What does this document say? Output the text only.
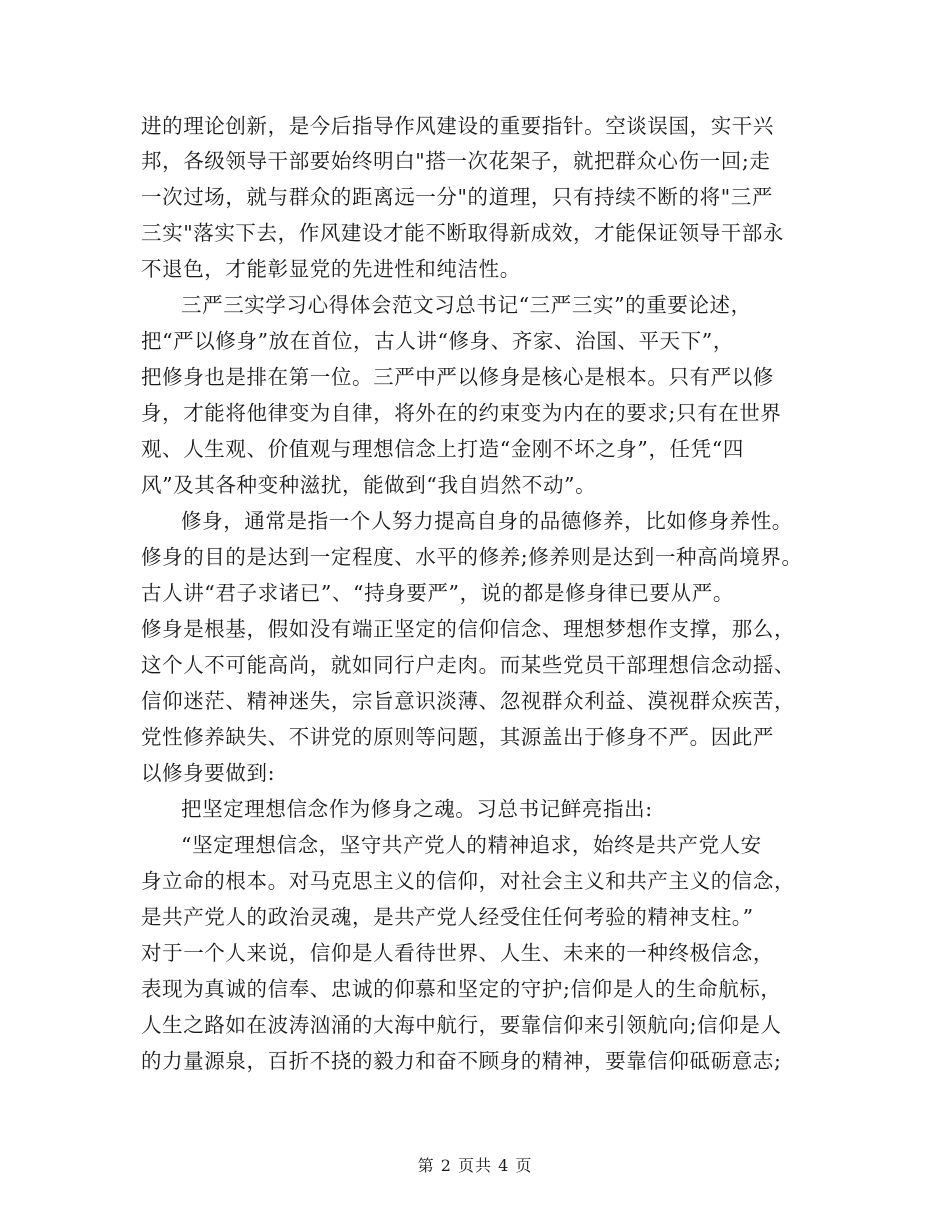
进的理论创新，是今后指导作风建设的重要指针。空谈误国，实干兴
邦，各级领导干部要始终明白"搭一次花架子，就把群众心伤一回;走
一次过场，就与群众的距离远一分"的道理，只有持续不断的将"三严
三实"落实下去，作风建设才能不断取得新成效，才能保证领导干部永
不退色，才能彰显党的先进性和纯洁性。
三严三实学习心得体会范文习总书记“三严三实”的重要论述，
把“严以修身”放在首位，古人讲“修身、齐家、治国、平天下”，
把修身也是排在第一位。三严中严以修身是核心是根本。只有严以修
身，才能将他律变为自律，将外在的约束变为内在的要求;只有在世界
观、人生观、价值观与理想信念上打造“金刚不坏之身”，任凭“四
风”及其各种变种滋扰，能做到“我自岿然不动”。
修身，通常是指一个人努力提高自身的品德修养，比如修身养性。
修身的目的是达到一定程度、水平的修养;修养则是达到一种高尚境界。
古人讲“君子求诸已”、“持身要严”，说的都是修身律已要从严。
修身是根基，假如没有端正坚定的信仰信念、理想梦想作支撑，那么，
这个人不可能高尚，就如同行户走肉。而某些党员干部理想信念动摇、
信仰迷茫、精神迷失，宗旨意识淡薄、忽视群众利益、漠视群众疾苦，
党性修养缺失、不讲党的原则等问题，其源盖出于修身不严。因此严
以修身要做到:
把坚定理想信念作为修身之魂。习总书记鲜亮指出:
“坚定理想信念，坚守共产党人的精神追求，始终是共产党人安
身立命的根本。对马克思主义的信仰，对社会主义和共产主义的信念，
是共产党人的政治灵魂，是共产党人经受住任何考验的精神支柱。”
对于一个人来说，信仰是人看待世界、人生、未来的一种终极信念，
表现为真诚的信奉、忠诚的仰慕和坚定的守护;信仰是人的生命航标，
人生之路如在波涛汹涌的大海中航行，要靠信仰来引领航向;信仰是人
的力量源泉，百折不挠的毅力和奋不顾身的精神，要靠信仰砥砺意志;
第 2 页共 4 页
